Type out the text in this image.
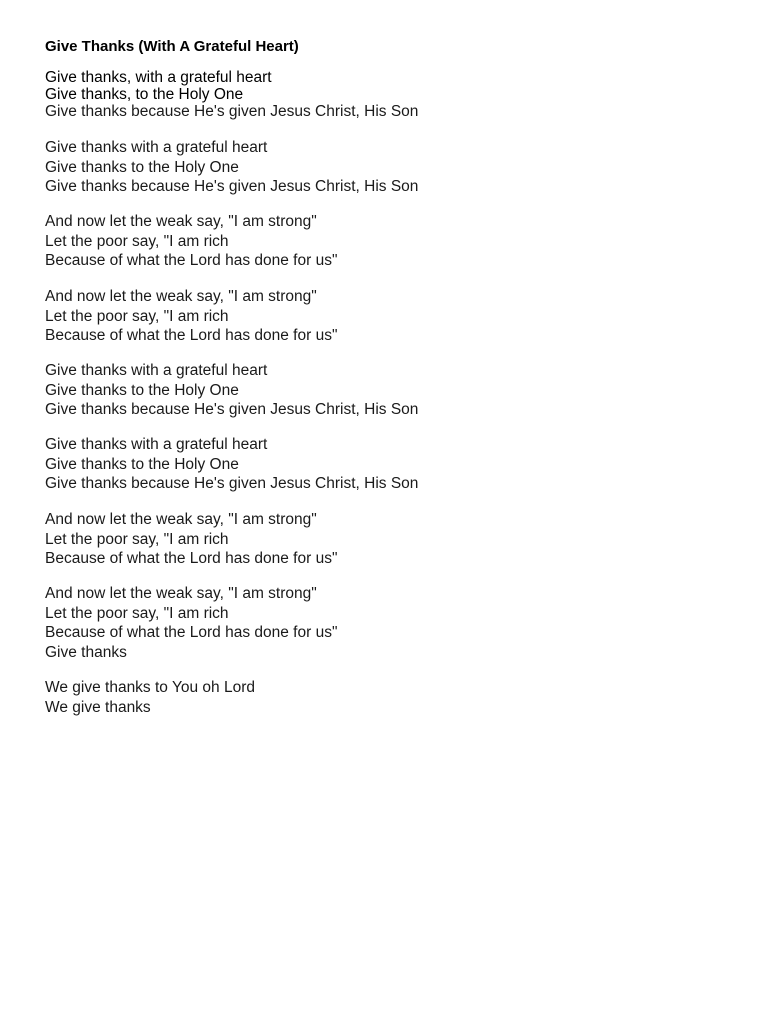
Give Thanks (With A Grateful Heart)
Give thanks, with a grateful heart
Give thanks, to the Holy One
Give thanks because He's given Jesus Christ, His Son
Give thanks with a grateful heart
Give thanks to the Holy One
Give thanks because He's given Jesus Christ, His Son
And now let the weak say, "I am strong"
Let the poor say, "I am rich
Because of what the Lord has done for us"
And now let the weak say, "I am strong"
Let the poor say, "I am rich
Because of what the Lord has done for us"
Give thanks with a grateful heart
Give thanks to the Holy One
Give thanks because He's given Jesus Christ, His Son
Give thanks with a grateful heart
Give thanks to the Holy One
Give thanks because He's given Jesus Christ, His Son
And now let the weak say, "I am strong"
Let the poor say, "I am rich
Because of what the Lord has done for us"
And now let the weak say, "I am strong"
Let the poor say, "I am rich
Because of what the Lord has done for us"
Give thanks
We give thanks to You oh Lord
We give thanks
